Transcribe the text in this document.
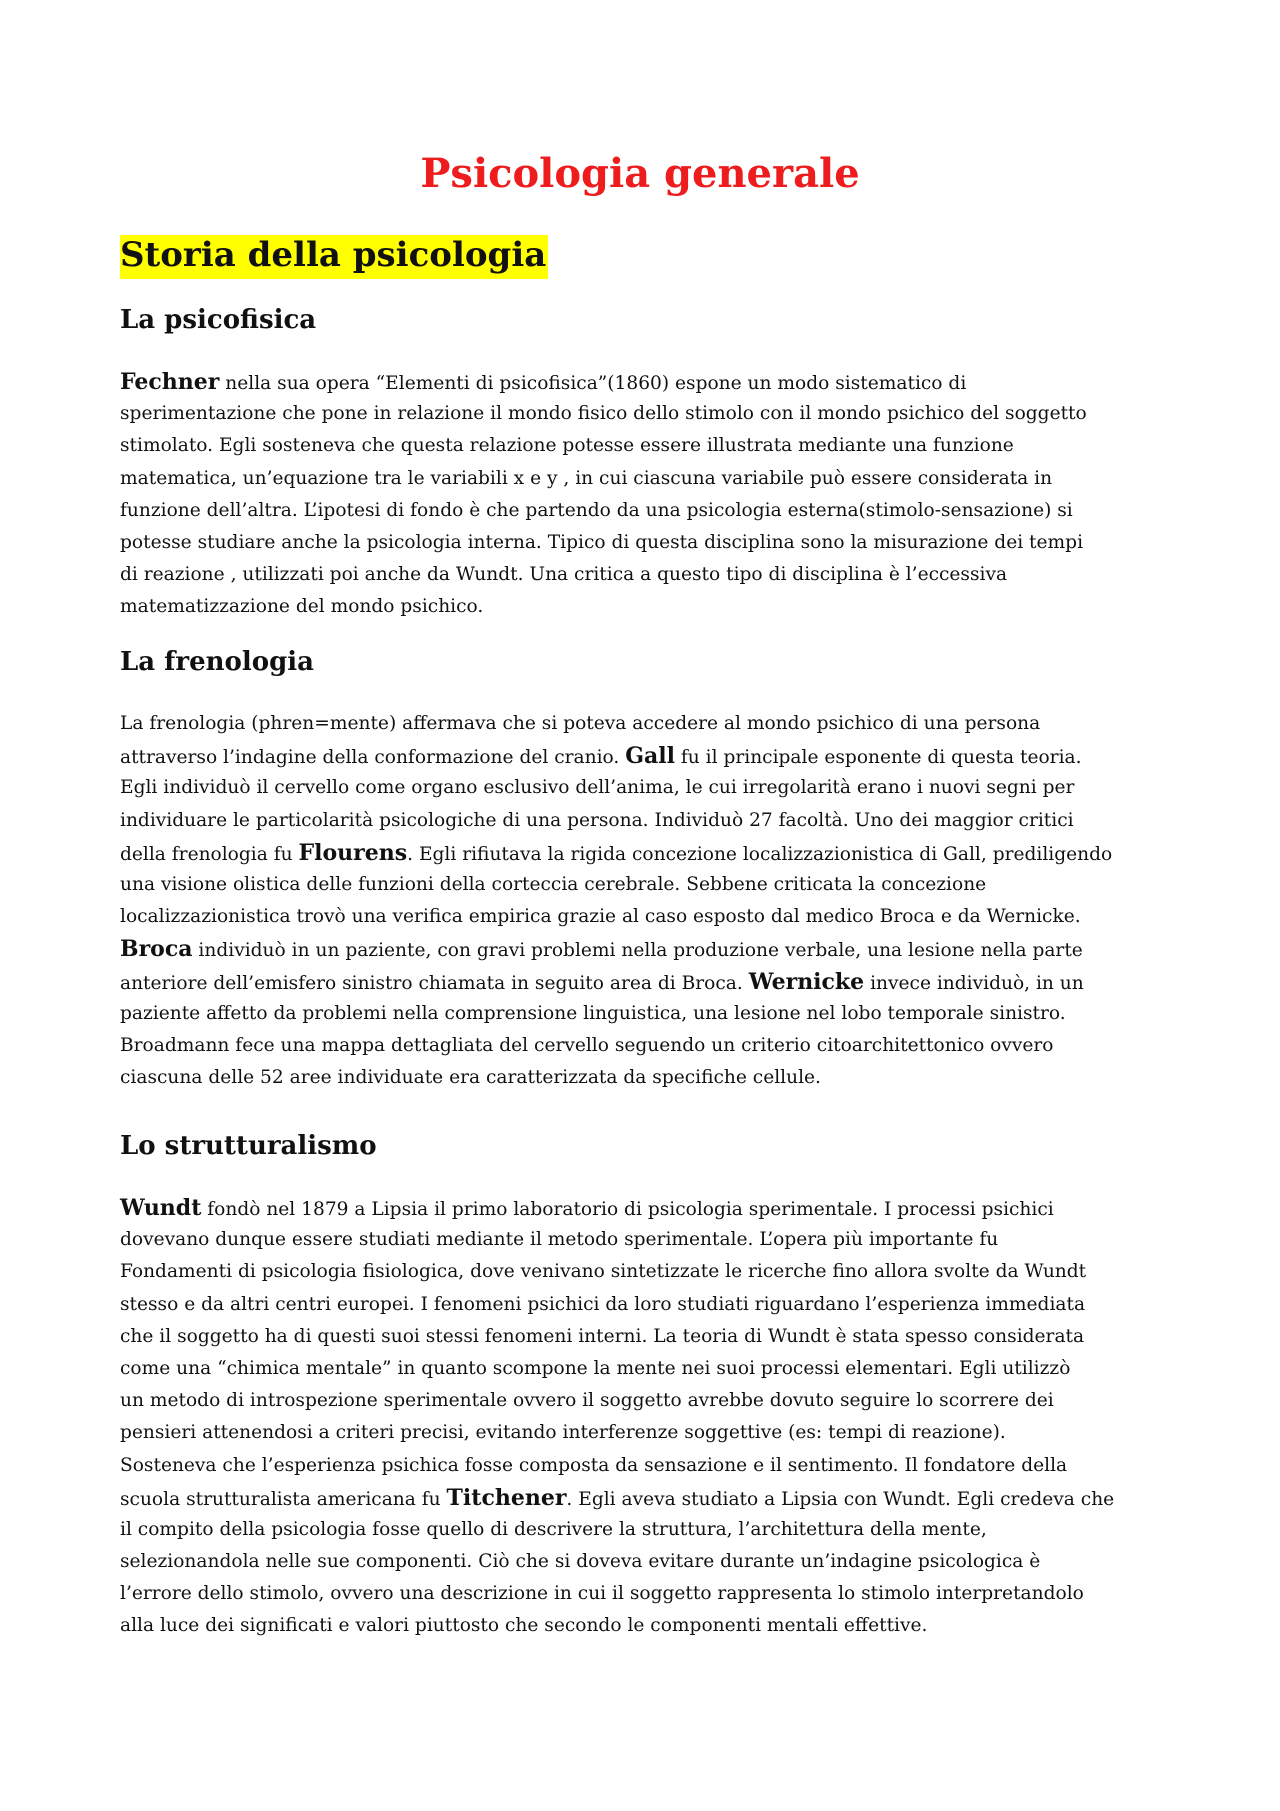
Psicologia generale
Storia della psicologia
La psicofisica
Fechner nella sua opera “Elementi di psicofisica”(1860) espone un modo sistematico di
sperimentazione che pone in relazione il mondo fisico dello stimolo con il mondo psichico del soggetto
stimolato. Egli sosteneva che questa relazione potesse essere illustrata mediante una funzione
matematica, un’equazione tra le variabili x e y , in cui ciascuna variabile può essere considerata in
funzione dell’altra. L’ipotesi di fondo è che partendo da una psicologia esterna(stimolo-sensazione) si
potesse studiare anche la psicologia interna. Tipico di questa disciplina sono la misurazione dei tempi
di reazione , utilizzati poi anche da Wundt. Una critica a questo tipo di disciplina è l’eccessiva
matematizzazione del mondo psichico.
La frenologia
La frenologia (phren=mente) affermava che si poteva accedere al mondo psichico di una persona
attraverso l’indagine della conformazione del cranio. Gall fu il principale esponente di questa teoria.
Egli individuò il cervello come organo esclusivo dell’anima, le cui irregolarità erano i nuovi segni per
individuare le particolarità psicologiche di una persona. Individuò 27 facoltà. Uno dei maggior critici
della frenologia fu Flourens. Egli rifiutava la rigida concezione localizzazionistica di Gall, prediligendo
una visione olistica delle funzioni della corteccia cerebrale. Sebbene criticata la concezione
localizzazionistica trovò una verifica empirica grazie al caso esposto dal medico Broca e da Wernicke.
Broca individuò in un paziente, con gravi problemi nella produzione verbale, una lesione nella parte
anteriore dell’emisfero sinistro chiamata in seguito area di Broca. Wernicke invece individuò, in un
paziente affetto da problemi nella comprensione linguistica, una lesione nel lobo temporale sinistro.
Broadmann fece una mappa dettagliata del cervello seguendo un criterio citoarchitettonico ovvero
ciascuna delle 52 aree individuate era caratterizzata da specifiche cellule.
Lo strutturalismo
Wundt fondò nel 1879 a Lipsia il primo laboratorio di psicologia sperimentale. I processi psichici
dovevano dunque essere studiati mediante il metodo sperimentale. L’opera più importante fu
Fondamenti di psicologia fisiologica, dove venivano sintetizzate le ricerche fino allora svolte da Wundt
stesso e da altri centri europei. I fenomeni psichici da loro studiati riguardano l’esperienza immediata
che il soggetto ha di questi suoi stessi fenomeni interni. La teoria di Wundt è stata spesso considerata
come una “chimica mentale” in quanto scompone la mente nei suoi processi elementari. Egli utilizzò
un metodo di introspezione sperimentale ovvero il soggetto avrebbe dovuto seguire lo scorrere dei
pensieri attenendosi a criteri precisi, evitando interferenze soggettive (es: tempi di reazione).
Sosteneva che l’esperienza psichica fosse composta da sensazione e il sentimento. Il fondatore della
scuola strutturalista americana fu Titchener. Egli aveva studiato a Lipsia con Wundt. Egli credeva che
il compito della psicologia fosse quello di descrivere la struttura, l’architettura della mente,
selezionandola nelle sue componenti. Ciò che si doveva evitare durante un’indagine psicologica è
l’errore dello stimolo, ovvero una descrizione in cui il soggetto rappresenta lo stimolo interpretandolo
alla luce dei significati e valori piuttosto che secondo le componenti mentali effettive.
